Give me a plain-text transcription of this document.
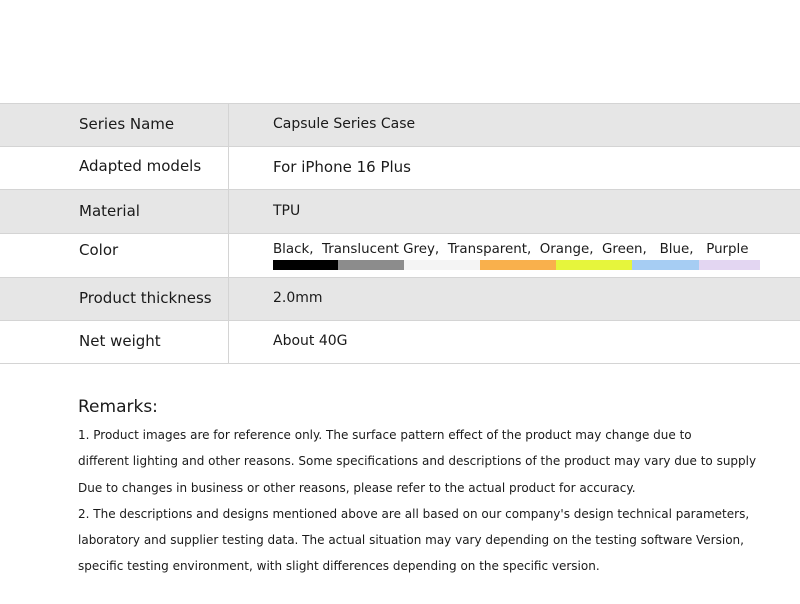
Series Name	Capsule Series Case
Adapted models	For iPhone 16 Plus
Material	TPU
Color	Black,  Translucent Grey,  Transparent,  Orange,  Green,   Blue,   Purple
Product thickness	2.0mm
Net weight	About 40G
Remarks:
1. Product images are for reference only. The surface pattern effect of the product may change due to
different lighting and other reasons. Some specifications and descriptions of the product may vary due to supply
Due to changes in business or other reasons, please refer to the actual product for accuracy.
2. The descriptions and designs mentioned above are all based on our company's design technical parameters,
laboratory and supplier testing data. The actual situation may vary depending on the testing software Version,
specific testing environment, with slight differences depending on the specific version.
